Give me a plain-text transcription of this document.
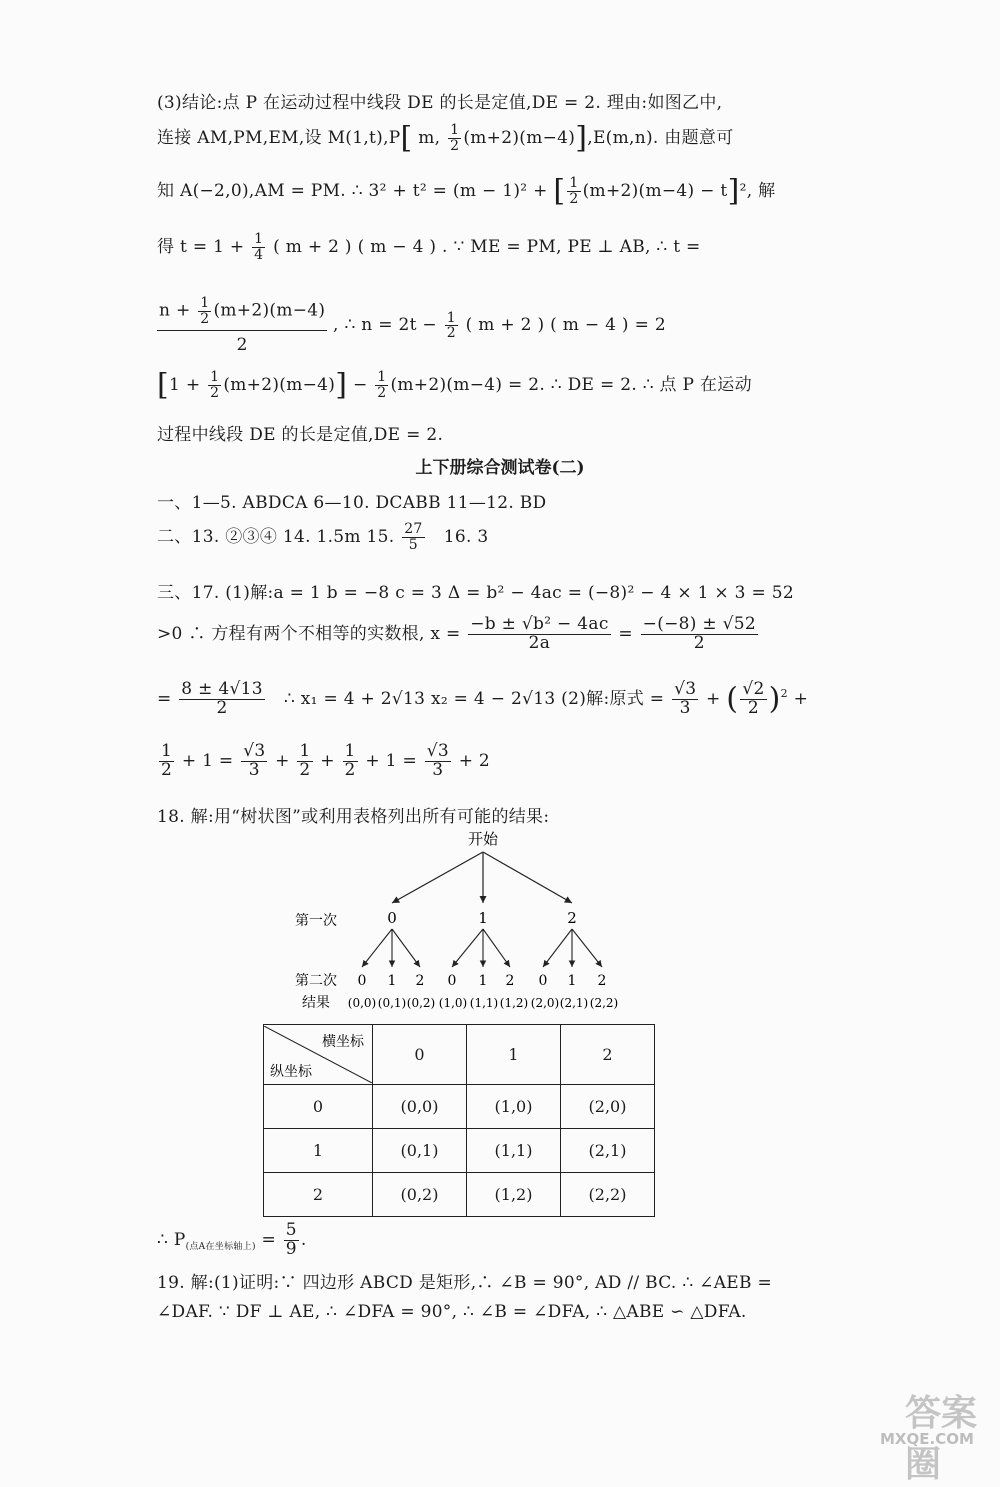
(3)结论:点 P 在运动过程中线段 DE 的长是定值,DE = 2. 理由:如图乙中,
连接 AM,PM,EM,设 M(1,t),P[ m, $\frac{1}{2} (m+2)(m-4)],E(m,n)$. 由题意可
知 A(−2,0),AM = PM. ∴ 3² + t² = (m − 1)² + [ $\frac{1}{2} (m+2)(m-4) - t]^2$, 解
得 $t = 1 + \frac{1}{4}$ ( m + 2 ) ( m − 4 ) . ∵ ME = PM, PE ⊥ AB, ∴ t =
$\frac{n + \frac{1}{2} (m+2)(m-4)}{2}$ , ∴ $n = 2t - \frac{1}{2}$ ( m + 2 ) ( m − 4 ) = 2
$[1 + \frac{1}{2} (m+2)(m-4)] - \frac{1}{2} (m+2)(m-4) = 2$. ∴ DE = 2. ∴ 点 P 在运动
过程中线段 DE 的长是定值,DE = 2.
上下册综合测试卷(二)
一、1—5. ABDCA 6—10. DCABB 11—12. BD
二、13. ②③④ 14. 1.5m 15. $\frac{27}{5} 16$. 3
三、17. (1)解:a = 1 b = −8 c = 3 Δ = b² − 4ac = (−8)² − 4 × 1 × 3 = 52
>0 ∴ 方程有两个不相等的实数根, $x = \frac{\text{−b ± √b² − 4ac}}{2a} = \frac{-(-8) \pm √52}{2}$
= $\frac{8 \pm 4√13}{2}$ ∴ x₁ = 4 + 2√13 x₂ = 4 − 2√13 (2)解:原式 = $\frac{√3}{3}$ + ( $\frac{√2}{2} )^2$ +
$\frac{1}{2} + 1 = \frac{√3}{3} + \frac{1}{2} + \frac{1}{2} + 1 = \frac{√3}{3} + 2$
18. 解:用“树状图”或利用表格列出所有可能的结果:
开始
第一次	0	1	2
第二次 0 1 2 0 1 2 0 1 2
结果 (0,0) (0,1) (0,2) (1,0) (1,1) (1,2) (2,0) (2,1) (2,2)
横坐标
纵坐标	0	1	2
0	(0,0)	(1,0)	(2,0)
1	(0,1)	(1,1)	(2,1)
2	(0,2)	(1,2)	(2,2)
∴ $P_{(点A在坐标轴上)} = \frac{5}{9}$ .
19. 解:(1)证明:∵ 四边形 ABCD 是矩形,∴ ∠B = 90°, AD // BC. ∴ ∠AEB =
∠DAF. ∵ DF ⊥ AE, ∴ ∠DFA = 90°, ∴ ∠B = ∠DFA, ∴ △ABE ∽ △DFA.
答案圈
MXQE.COM
